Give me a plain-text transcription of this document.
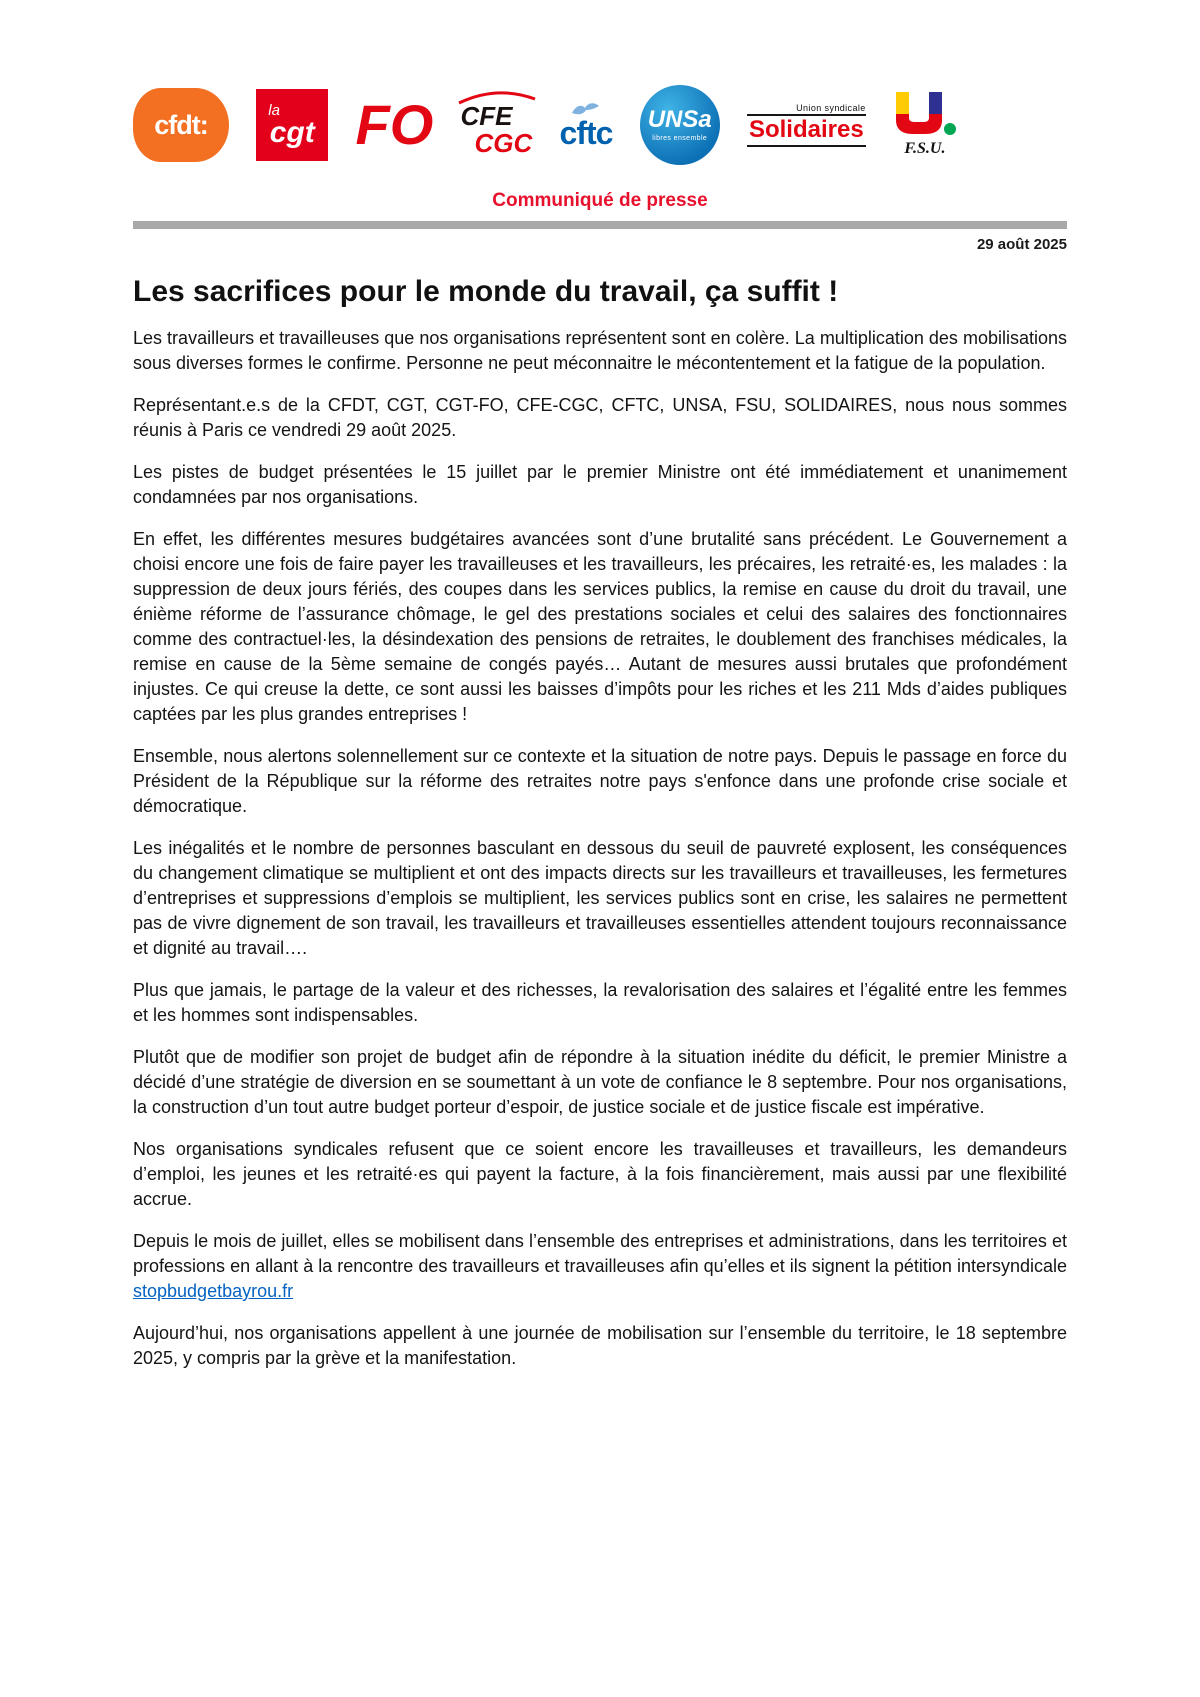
cfdt:	la
cgt FO CFE
CGC cftc UNSa
libres ensemble
Union syndicale
Solidaires
F.S.U.
Communiqué de presse
29 août 2025
Les sacrifices pour le monde du travail, ça suffit !

Les travailleurs et travailleuses que nos organisations représentent sont en colère. La multiplication des mobilisations sous diverses formes le confirme. Personne ne peut méconnaitre le mécontentement et la fatigue de la population.

Représentant.e.s de la CFDT, CGT, CGT-FO, CFE-CGC, CFTC, UNSA, FSU, SOLIDAIRES, nous nous sommes réunis à Paris ce vendredi 29 août 2025.

Les pistes de budget présentées le 15 juillet par le premier Ministre ont été immédiatement et unanimement condamnées par nos organisations.

En effet, les différentes mesures budgétaires avancées sont d’une brutalité sans précédent. Le Gouvernement a choisi encore une fois de faire payer les travailleuses et les travailleurs, les précaires, les retraité·es, les malades : la suppression de deux jours fériés, des coupes dans les services publics, la remise en cause du droit du travail, une énième réforme de l’assurance chômage, le gel des prestations sociales et celui des salaires des fonctionnaires comme des contractuel·les, la désindexation des pensions de retraites, le doublement des franchises médicales, la remise en cause de la 5ème semaine de congés payés… Autant de mesures aussi brutales que profondément injustes. Ce qui creuse la dette, ce sont aussi les baisses d’impôts pour les riches et les 211 Mds d’aides publiques captées par les plus grandes entreprises !

Ensemble, nous alertons solennellement sur ce contexte et la situation de notre pays. Depuis le passage en force du Président de la République sur la réforme des retraites notre pays s'enfonce dans une profonde crise sociale et démocratique.

Les inégalités et le nombre de personnes basculant en dessous du seuil de pauvreté explosent, les conséquences du changement climatique se multiplient et ont des impacts directs sur les travailleurs et travailleuses, les fermetures d’entreprises et suppressions d’emplois se multiplient, les services publics sont en crise, les salaires ne permettent pas de vivre dignement de son travail, les travailleurs et travailleuses essentielles attendent toujours reconnaissance et dignité au travail….

Plus que jamais, le partage de la valeur et des richesses, la revalorisation des salaires et l’égalité entre les femmes et les hommes sont indispensables.

Plutôt que de modifier son projet de budget afin de répondre à la situation inédite du déficit, le premier Ministre a décidé d’une stratégie de diversion en se soumettant à un vote de confiance le 8 septembre. Pour nos organisations, la construction d’un tout autre budget porteur d’espoir, de justice sociale et de justice fiscale est impérative.

Nos organisations syndicales refusent que ce soient encore les travailleuses et travailleurs, les demandeurs d’emploi, les jeunes et les retraité·es qui payent la facture, à la fois financièrement, mais aussi par une flexibilité accrue.

Depuis le mois de juillet, elles se mobilisent dans l’ensemble des entreprises et administrations, dans les territoires et professions en allant à la rencontre des travailleurs et travailleuses afin qu’elles et ils signent la pétition intersyndicale stopbudgetbayrou.fr

Aujourd’hui, nos organisations appellent à une journée de mobilisation sur l’ensemble du territoire, le 18 septembre 2025, y compris par la grève et la manifestation.
